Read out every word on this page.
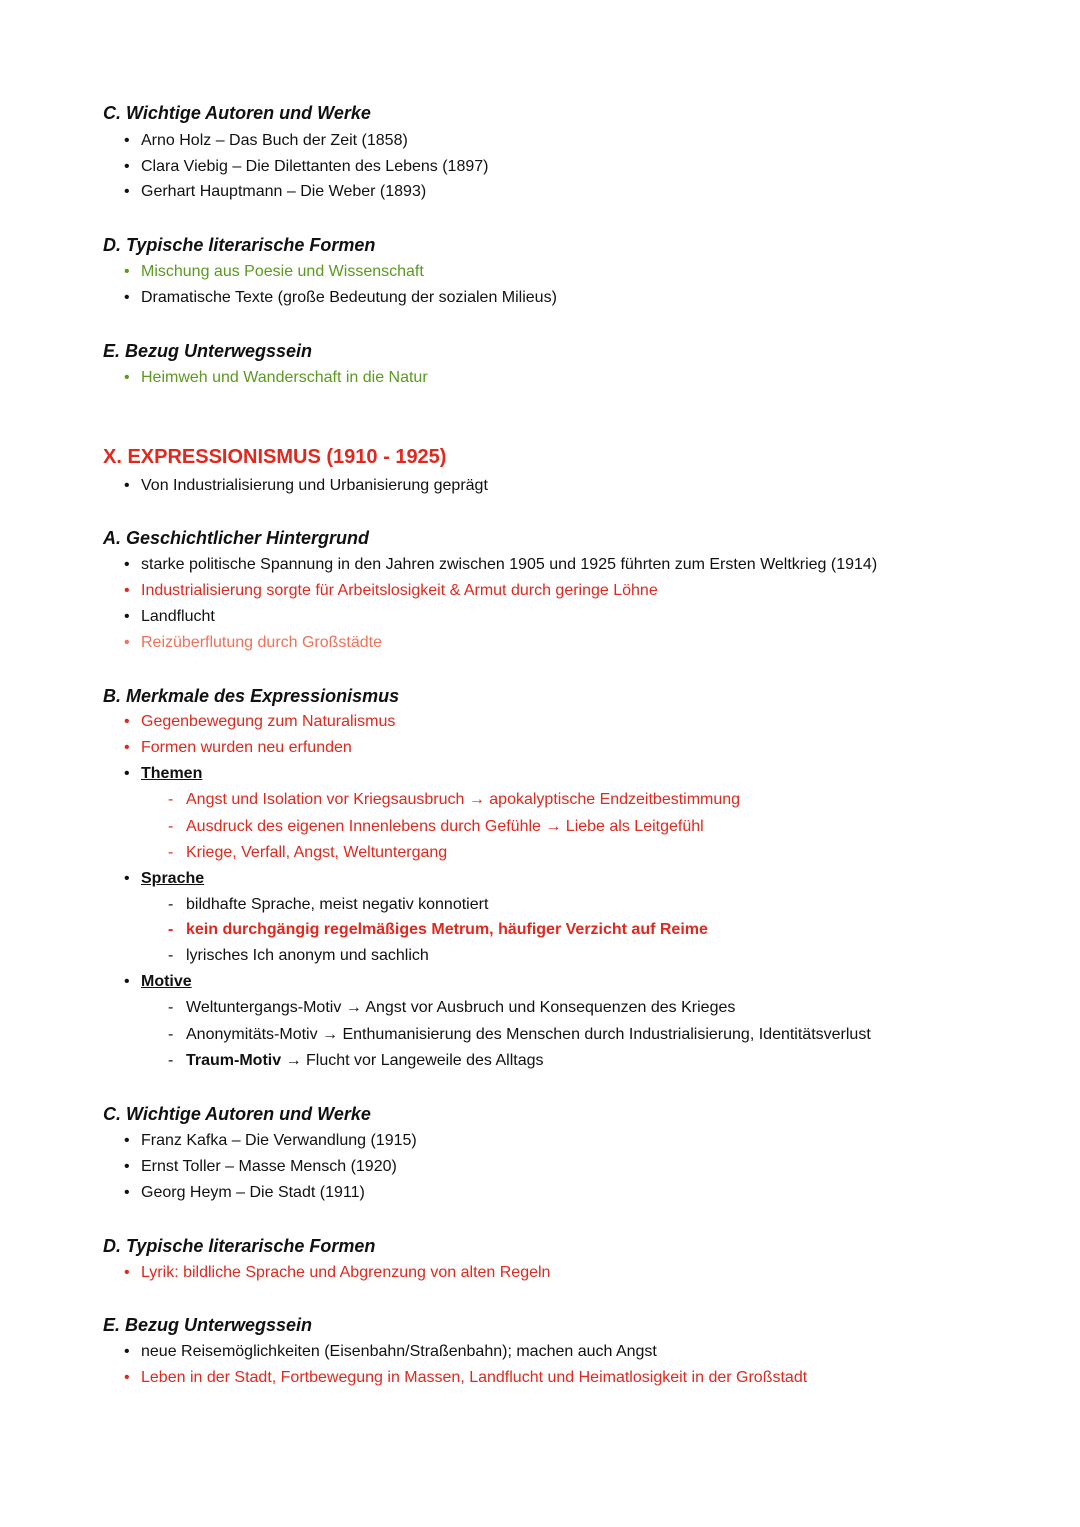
C. Wichtige Autoren und Werke
• Arno Holz – Das Buch der Zeit (1858)
• Clara Viebig – Die Dilettanten des Lebens (1897)
• Gerhart Hauptmann – Die Weber (1893)
D. Typische literarische Formen
• Mischung aus Poesie und Wissenschaft
• Dramatische Texte (große Bedeutung der sozialen Milieus)
E. Bezug Unterwegssein
• Heimweh und Wanderschaft in die Natur
X. EXPRESSIONISMUS (1910 - 1925)
• Von Industrialisierung und Urbanisierung geprägt
A. Geschichtlicher Hintergrund
• starke politische Spannung in den Jahren zwischen 1905 und 1925 führten zum Ersten Weltkrieg (1914)
• Industrialisierung sorgte für Arbeitslosigkeit & Armut durch geringe Löhne
• Landflucht
• Reizüberflutung durch Großstädte
B. Merkmale des Expressionismus
• Gegenbewegung zum Naturalismus
• Formen wurden neu erfunden
• Themen
- Angst und Isolation vor Kriegsausbruch → apokalyptische Endzeitbestimmung
- Ausdruck des eigenen Innenlebens durch Gefühle → Liebe als Leitgefühl
- Kriege, Verfall, Angst, Weltuntergang
• Sprache
- bildhafte Sprache, meist negativ konnotiert
- kein durchgängig regelmäßiges Metrum, häufiger Verzicht auf Reime
- lyrisches Ich anonym und sachlich
• Motive
- Weltuntergangs-Motiv → Angst vor Ausbruch und Konsequenzen des Krieges
- Anonymitäts-Motiv → Enthumanisierung des Menschen durch Industrialisierung, Identitätsverlust
- Traum-Motiv → Flucht vor Langeweile des Alltags
C. Wichtige Autoren und Werke
• Franz Kafka – Die Verwandlung (1915)
• Ernst Toller – Masse Mensch (1920)
• Georg Heym – Die Stadt (1911)
D. Typische literarische Formen
• Lyrik: bildliche Sprache und Abgrenzung von alten Regeln
E. Bezug Unterwegssein
• neue Reisemöglichkeiten (Eisenbahn/Straßenbahn); machen auch Angst
• Leben in der Stadt, Fortbewegung in Massen, Landflucht und Heimatlosigkeit in der Großstadt
